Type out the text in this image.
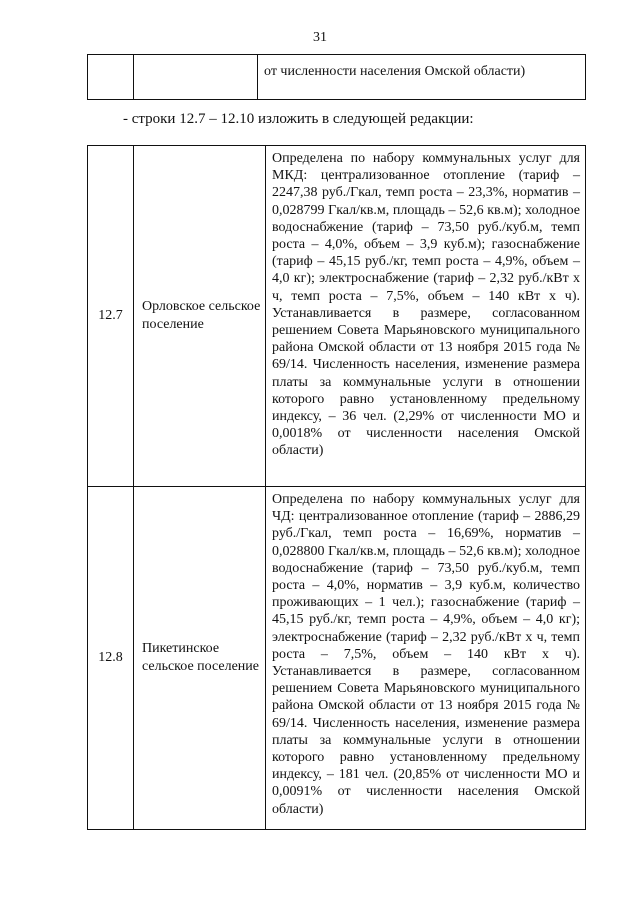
31
		от численности населения Омской области)
- строки 12.7 – 12.10 изложить в следующей редакции:
12.7	Орловское сельское поселение	Определена по набору коммунальных услуг для МКД: централизованное отопление (тариф – 2247,38 руб./Гкал, темп роста – 23,3%, норматив – 0,028799 Гкал/кв.м, площадь – 52,6 кв.м); холодное водоснабжение (тариф – 73,50 руб./куб.м, темп роста – 4,0%, объем – 3,9 куб.м); газоснабжение (тариф – 45,15 руб./кг, темп роста – 4,9%, объем – 4,0 кг); электроснабжение (тариф – 2,32 руб./кВт х ч, темп роста – 7,5%, объем – 140 кВт х ч). Устанавливается в размере, согласованном решением Совета Марьяновского муниципального района Омской области от 13 ноября 2015 года № 69/14. Численность населения, изменение размера платы за коммунальные услуги в отношении которого равно установленному предельному индексу, – 36 чел. (2,29% от численности МО и 0,0018% от численности населения Омской области)
12.8	Пикетинское сельское поселение	Определена по набору коммунальных услуг для ЧД: централизованное отопление (тариф – 2886,29 руб./Гкал, темп роста – 16,69%, норматив – 0,028800 Гкал/кв.м, площадь – 52,6 кв.м); холодное водоснабжение (тариф – 73,50 руб./куб.м, темп роста – 4,0%, норматив – 3,9 куб.м, количество проживающих – 1 чел.); газоснабжение (тариф – 45,15 руб./кг, темп роста – 4,9%, объем – 4,0 кг); электроснабжение (тариф – 2,32 руб./кВт х ч, темп роста – 7,5%, объем – 140 кВт х ч). Устанавливается в размере, согласованном решением Совета Марьяновского муниципального района Омской области от 13 ноября 2015 года № 69/14. Численность населения, изменение размера платы за коммунальные услуги в отношении которого равно установленному предельному индексу, – 181 чел. (20,85% от численности МО и 0,0091% от численности населения Омской области)
